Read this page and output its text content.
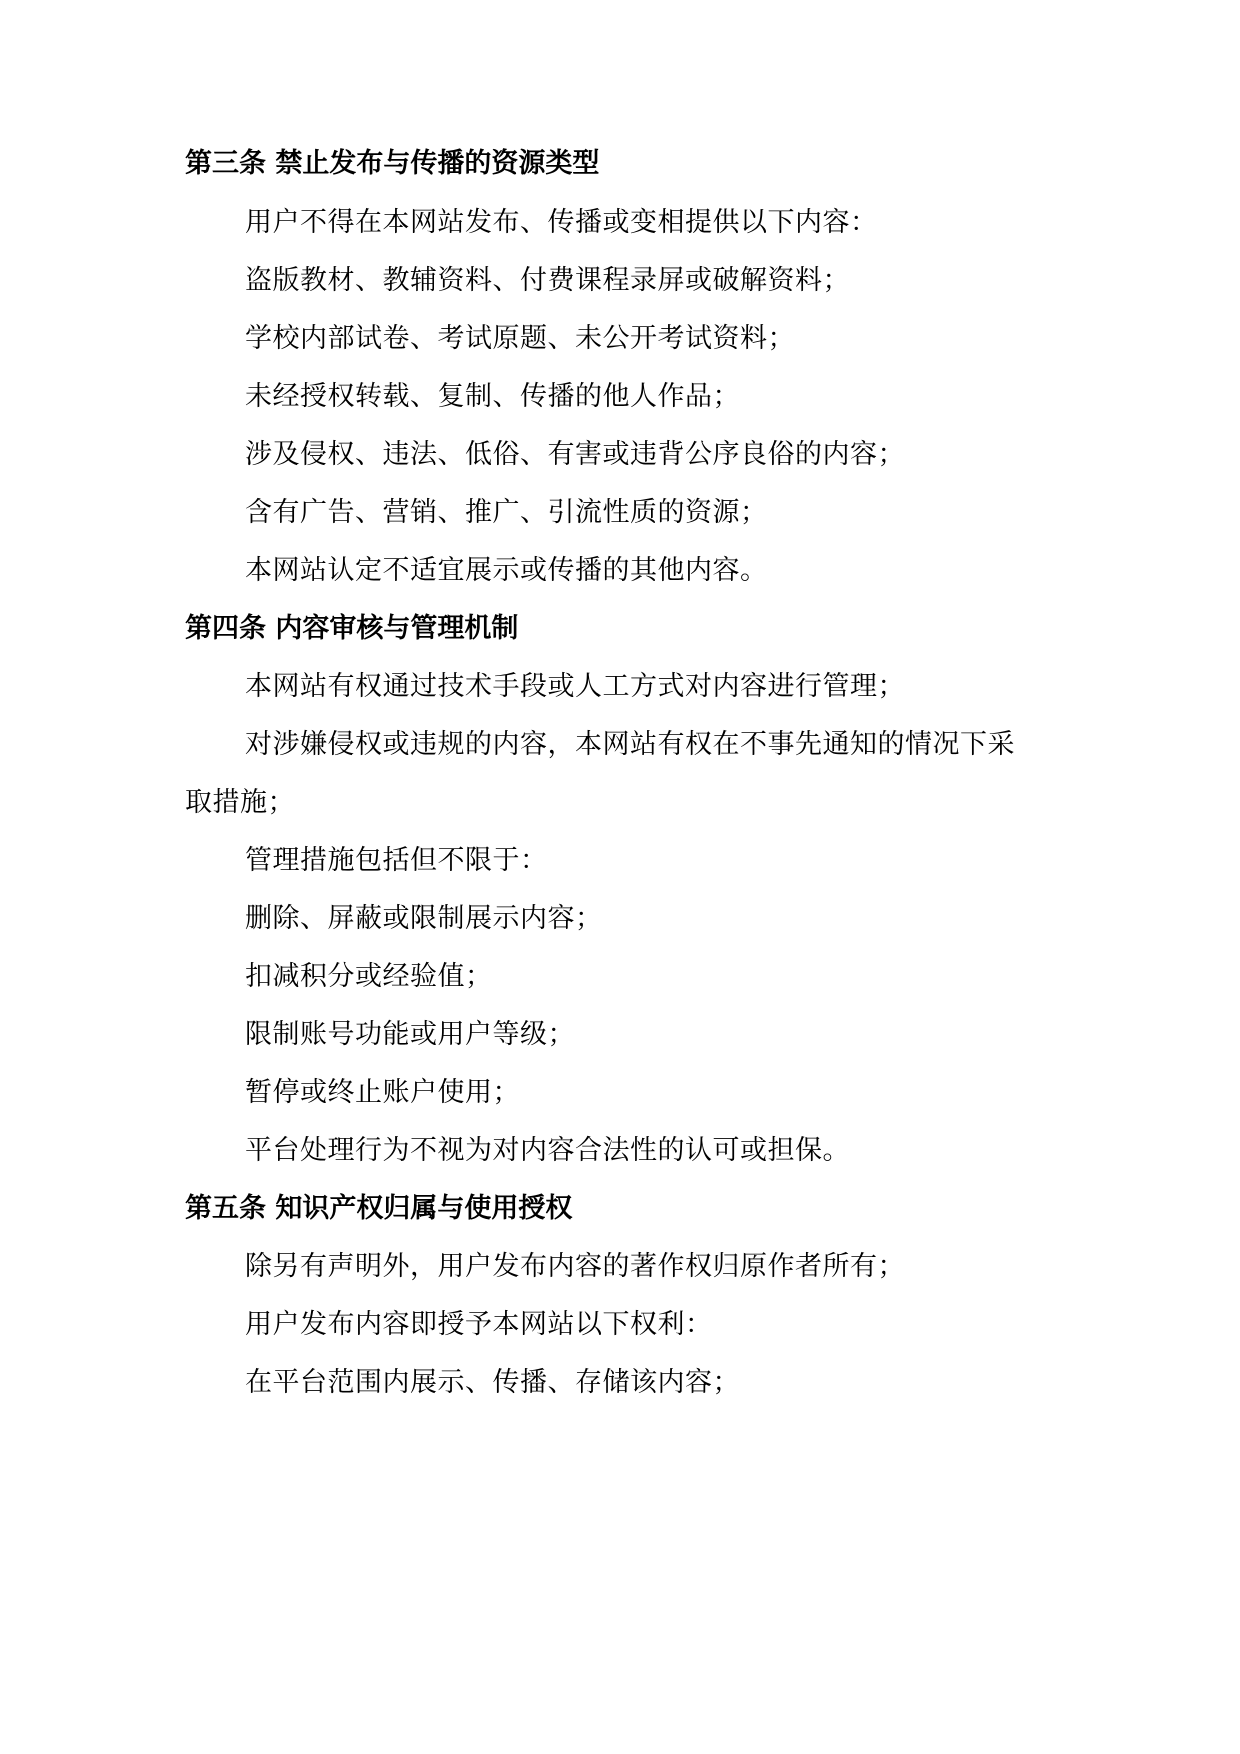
第三条 禁止发布与传播的资源类型
用户不得在本网站发布、传播或变相提供以下内容：
盗版教材、教辅资料、付费课程录屏或破解资料；
学校内部试卷、考试原题、未公开考试资料；
未经授权转载、复制、传播的他人作品；
涉及侵权、违法、低俗、有害或违背公序良俗的内容；
含有广告、营销、推广、引流性质的资源；
本网站认定不适宜展示或传播的其他内容。
第四条 内容审核与管理机制
本网站有权通过技术手段或人工方式对内容进行管理；
对涉嫌侵权或违规的内容，本网站有权在不事先通知的情况下采
取措施；
管理措施包括但不限于：
删除、屏蔽或限制展示内容；
扣减积分或经验值；
限制账号功能或用户等级；
暂停或终止账户使用；
平台处理行为不视为对内容合法性的认可或担保。
第五条 知识产权归属与使用授权
除另有声明外，用户发布内容的著作权归原作者所有；
用户发布内容即授予本网站以下权利：
在平台范围内展示、传播、存储该内容；
